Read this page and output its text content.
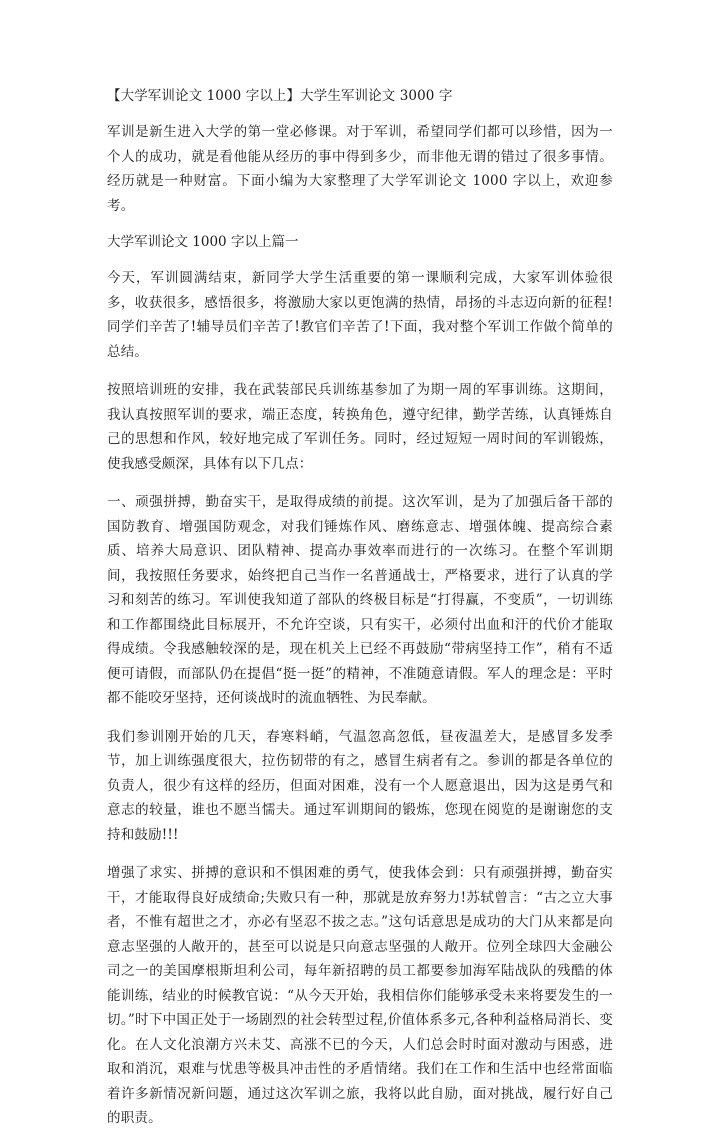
【大学军训论文 1000 字以上】大学生军训论文 3000 字

军训是新生进入大学的第一堂必修课。对于军训，希望同学们都可以珍惜，因为一个人的成功，就是看他能从经历的事中得到多少，而非他无谓的错过了很多事情。经历就是一种财富。下面小编为大家整理了大学军训论文 1000 字以上，欢迎参考。

大学军训论文 1000 字以上篇一

今天，军训圆满结束，新同学大学生活重要的第一课顺利完成，大家军训体验很多，收获很多，感悟很多，将激励大家以更饱满的热情，昂扬的斗志迈向新的征程!同学们辛苦了!辅导员们辛苦了!教官们辛苦了!下面，我对整个军训工作做个简单的总结。

按照培训班的安排，我在武装部民兵训练基参加了为期一周的军事训练。这期间，我认真按照军训的要求，端正态度，转换角色，遵守纪律，勤学苦练，认真锤炼自己的思想和作风，较好地完成了军训任务。同时，经过短短一周时间的军训锻炼，使我感受颇深，具体有以下几点：

一、顽强拼搏，勤奋实干，是取得成绩的前提。这次军训，是为了加强后备干部的国防教育、增强国防观念，对我们锤炼作风、磨练意志、增强体魄、提高综合素质、培养大局意识、团队精神、提高办事效率而进行的一次练习。在整个军训期间，我按照任务要求，始终把自己当作一名普通战士，严格要求，进行了认真的学习和刻苦的练习。军训使我知道了部队的终极目标是“打得赢，不变质”，一切训练和工作都围绕此目标展开，不允许空谈，只有实干，必须付出血和汗的代价才能取得成绩。令我感触较深的是，现在机关上已经不再鼓励“带病坚持工作”，稍有不适便可请假，而部队仍在提倡“挺一挺”的精神，不准随意请假。军人的理念是：平时都不能咬牙坚持，还何谈战时的流血牺牲、为民奉献。

我们参训刚开始的几天，春寒料峭，气温忽高忽低，昼夜温差大，是感冒多发季节，加上训练强度很大，拉伤韧带的有之，感冒生病者有之。参训的都是各单位的负责人，很少有这样的经历，但面对困难，没有一个人愿意退出，因为这是勇气和意志的较量，谁也不愿当懦夫。通过军训期间的锻炼，您现在阅览的是谢谢您的支持和鼓励!!!

增强了求实、拼搏的意识和不惧困难的勇气，使我体会到：只有顽强拼搏，勤奋实干，才能取得良好成绩命;失败只有一种，那就是放弃努力!苏轼曾言：“古之立大事者，不惟有超世之才，亦必有坚忍不拔之志。”这句话意思是成功的大门从来都是向意志坚强的人敞开的，甚至可以说是只向意志坚强的人敞开。位列全球四大金融公司之一的美国摩根斯坦利公司，每年新招聘的员工都要参加海军陆战队的残酷的体能训练，结业的时候教官说：“从今天开始，我相信你们能够承受未来将要发生的一切。”时下中国正处于一场剧烈的社会转型过程,价值体系多元,各种利益格局消长、变化。在人文化浪潮方兴未艾、高涨不已的今天，人们总会时时面对激动与困惑，进取和消沉，艰难与忧患等极具冲击性的矛盾情绪。我们在工作和生活中也经常面临着许多新情况新问题，通过这次军训之旅，我将以此自励，面对挑战，履行好自己的职责。
